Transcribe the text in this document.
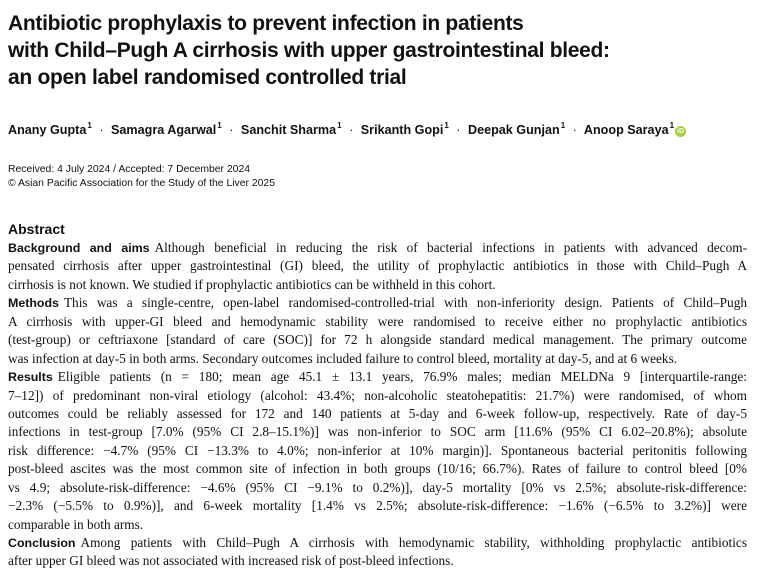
Antibiotic prophylaxis to prevent infection in patients
with Child–Pugh A cirrhosis with upper gastrointestinal bleed:
an open label randomised controlled trial
Anany Gupta$^1$ · Samagra Agarwal$^1$ · Sanchit Sharma$^1$ · Srikanth Gopi$^1$ · Deepak Gunjan$^1$ · Anoop Saraya$^1$iD
Received: 4 July 2024 / Accepted: 7 December 2024
© Asian Pacific Association for the Study of the Liver 2025
Abstract
Background and aims Although beneficial in reducing the risk of bacterial infections in patients with advanced decom-
pensated cirrhosis after upper gastrointestinal (GI) bleed, the utility of prophylactic antibiotics in those with Child–Pugh A
cirrhosis is not known. We studied if prophylactic antibiotics can be withheld in this cohort.
Methods This was a single-centre, open-label randomised-controlled-trial with non-inferiority design. Patients of Child–Pugh
A cirrhosis with upper-GI bleed and hemodynamic stability were randomised to receive either no prophylactic antibiotics
(test-group) or ceftriaxone [standard of care (SOC)] for 72 h alongside standard medical management. The primary outcome
was infection at day-5 in both arms. Secondary outcomes included failure to control bleed, mortality at day-5, and at 6 weeks.
Results Eligible patients (n = 180; mean age 45.1 ± 13.1 years, 76.9% males; median MELDNa 9 [interquartile-range:
7–12]) of predominant non-viral etiology (alcohol: 43.4%; non-alcoholic steatohepatitis: 21.7%) were randomised, of whom
outcomes could be reliably assessed for 172 and 140 patients at 5-day and 6-week follow-up, respectively. Rate of day-5
infections in test-group [7.0% (95% CI 2.8–15.1%)] was non-inferior to SOC arm [11.6% (95% CI 6.02–20.8%); absolute
risk difference: −4.7% (95% CI −13.3% to 4.0%; non-inferior at 10% margin)]. Spontaneous bacterial peritonitis following
post-bleed ascites was the most common site of infection in both groups (10/16; 66.7%). Rates of failure to control bleed [0%
vs 4.9; absolute-risk-difference: −4.6% (95% CI −9.1% to 0.2%)], day-5 mortality [0% vs 2.5%; absolute-risk-difference:
−2.3% (−5.5% to 0.9%)], and 6-week mortality [1.4% vs 2.5%; absolute-risk-difference: −1.6% (−6.5% to 3.2%)] were
comparable in both arms.
Conclusion Among patients with Child–Pugh A cirrhosis with hemodynamic stability, withholding prophylactic antibiotics
after upper GI bleed was not associated with increased risk of post-bleed infections.
